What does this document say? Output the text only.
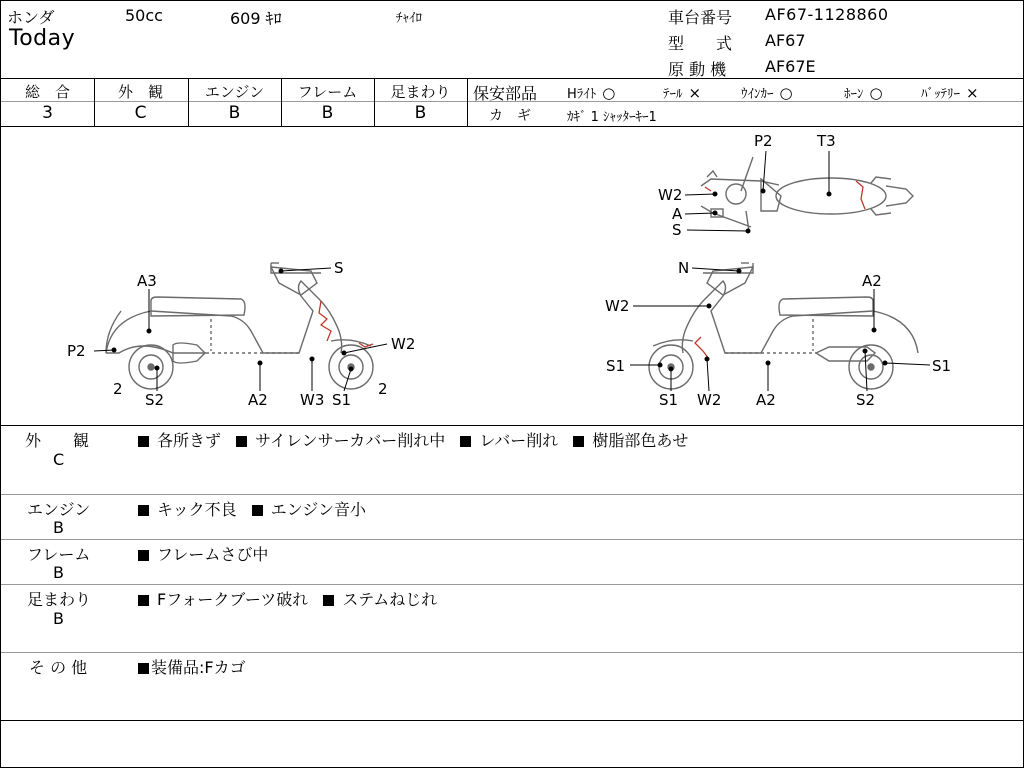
ホンダ	50cc	609 ｷﾛ	ﾁｬｲﾛ
Today
車台番号 AF67-1128860
型　　式 AF67
原 動 機 AF67E
総　合	外　観	エンジン	フレーム	足まわり
3	C	B	B	B
保安部品 Hﾗｲﾄ ○	ﾃｰﾙ ×	ｳｲﾝｶｰ ○	ﾎｰﾝ ○	ﾊﾞｯﾃﾘｰ ×
カ　ギ	ｶｷﾞ 1 ｼｬｯﾀｰｷｰ1
P2	T3
W2
A
S
S
A3
P2	W2
2
S2	A2 W3 S1
2
N
A2
W2
S1	S1
S1 W2 A2	S2
外　　観
C
各所きず サイレンサーカバー削れ中 レバー削れ 樹脂部色あせ
エンジン
B
キック不良 エンジン音小
フレーム
B
フレームさび中
足まわり
B
Fフォークブーツ破れ ステムねじれ
そ の 他	装備品:Fカゴ
